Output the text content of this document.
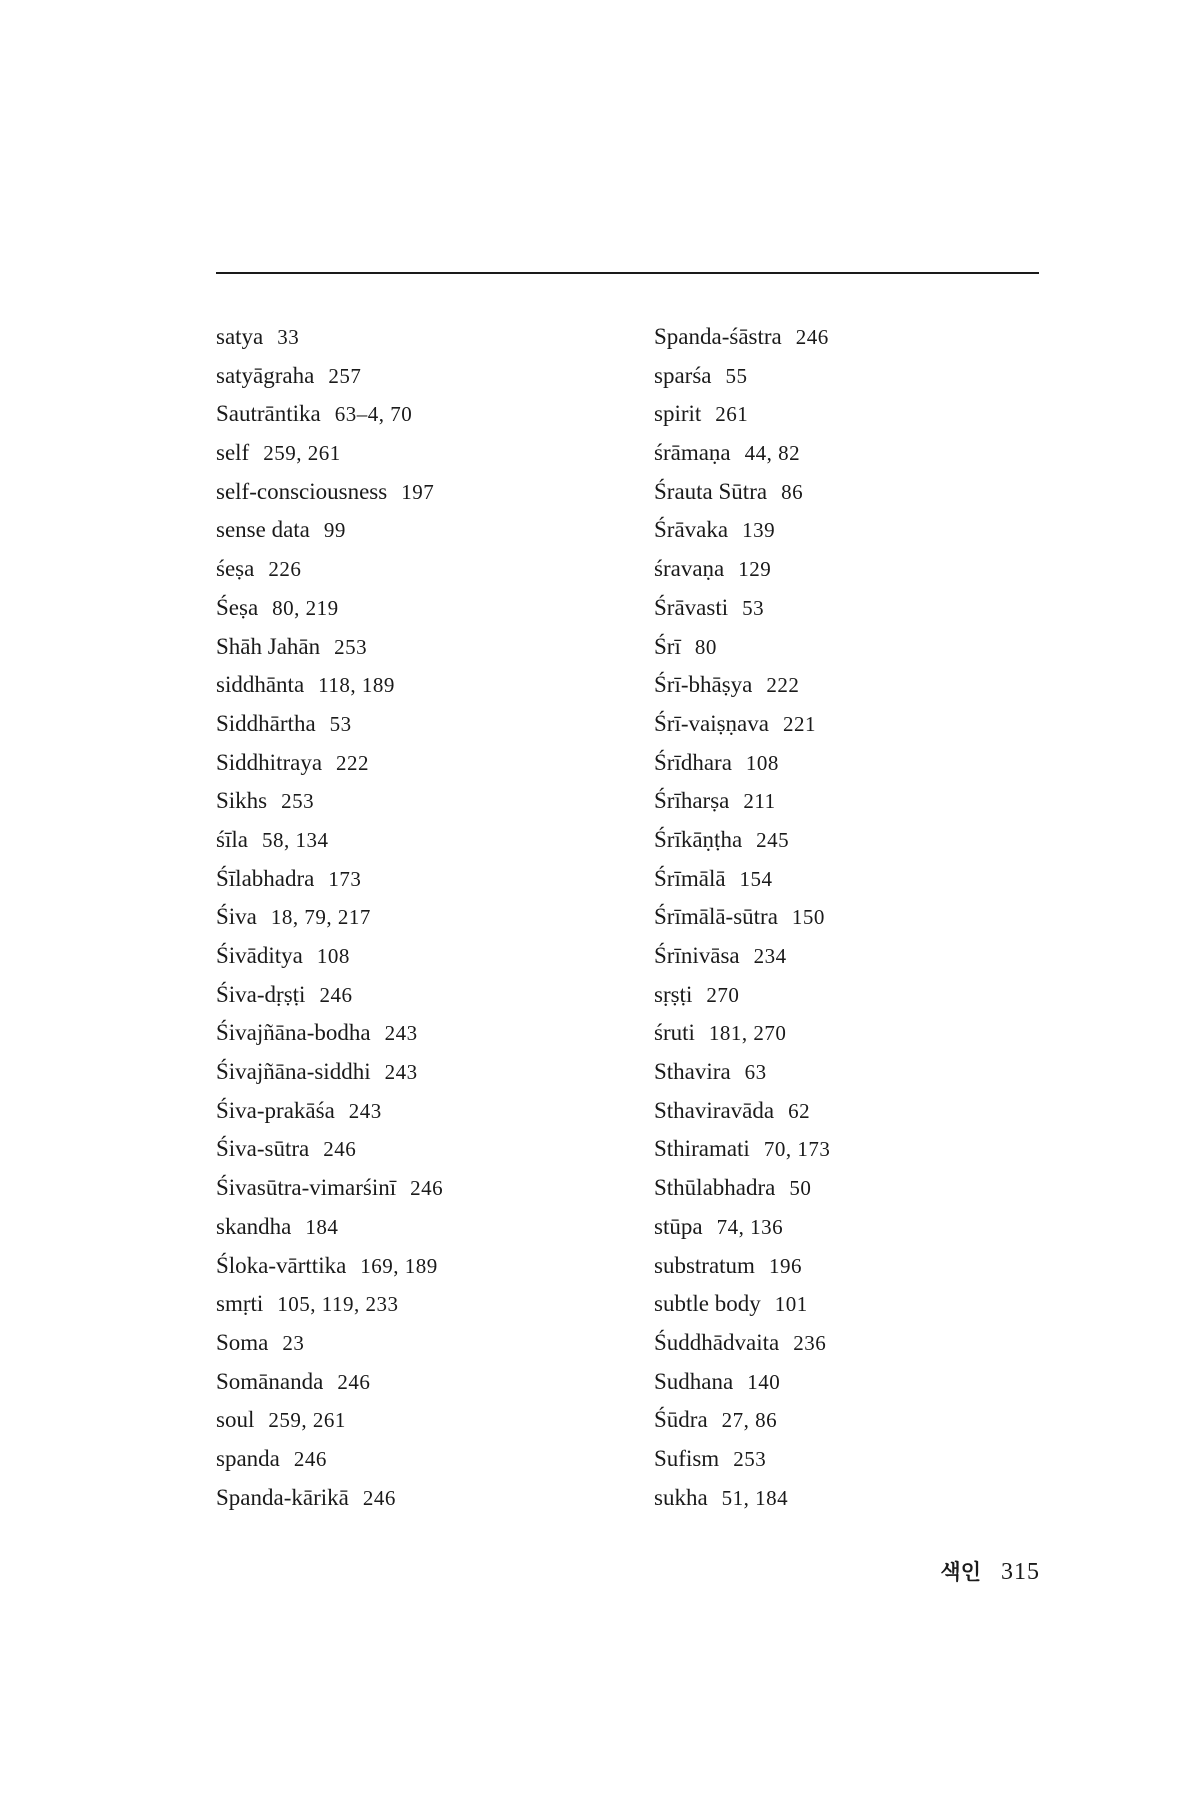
satya 33
satyāgraha 257
Sautrāntika 63–4, 70
self 259, 261
self-consciousness 197
sense data 99
śeṣa 226
Śeṣa 80, 219
Shāh Jahān 253
siddhānta 118, 189
Siddhārtha 53
Siddhitraya 222
Sikhs 253
śīla 58, 134
Śīlabhadra 173
Śiva 18, 79, 217
Śivāditya 108
Śiva-dṛṣṭi 246
Śivajñāna-bodha 243
Śivajñāna-siddhi 243
Śiva-prakāśa 243
Śiva-sūtra 246
Śivasūtra-vimarśinī 246
skandha 184
Śloka-vārttika 169, 189
smṛti 105, 119, 233
Soma 23
Somānanda 246
soul 259, 261
spanda 246
Spanda-kārikā 246
Spanda-śāstra 246
sparśa 55
spirit 261
śrāmaṇa 44, 82
Śrauta Sūtra 86
Śrāvaka 139
śravaṇa 129
Śrāvasti 53
Śrī 80
Śrī-bhāṣya 222
Śrī-vaiṣṇava 221
Śrīdhara 108
Śrīharṣa 211
Śrīkāṇṭha 245
Śrīmālā 154
Śrīmālā-sūtra 150
Śrīnivāsa 234
sṛṣṭi 270
śruti 181, 270
Sthavira 63
Sthaviravāda 62
Sthiramati 70, 173
Sthūlabhadra 50
stūpa 74, 136
substratum 196
subtle body 101
Śuddhādvaita 236
Sudhana 140
Śūdra 27, 86
Sufism 253
sukha 51, 184
색인 315
